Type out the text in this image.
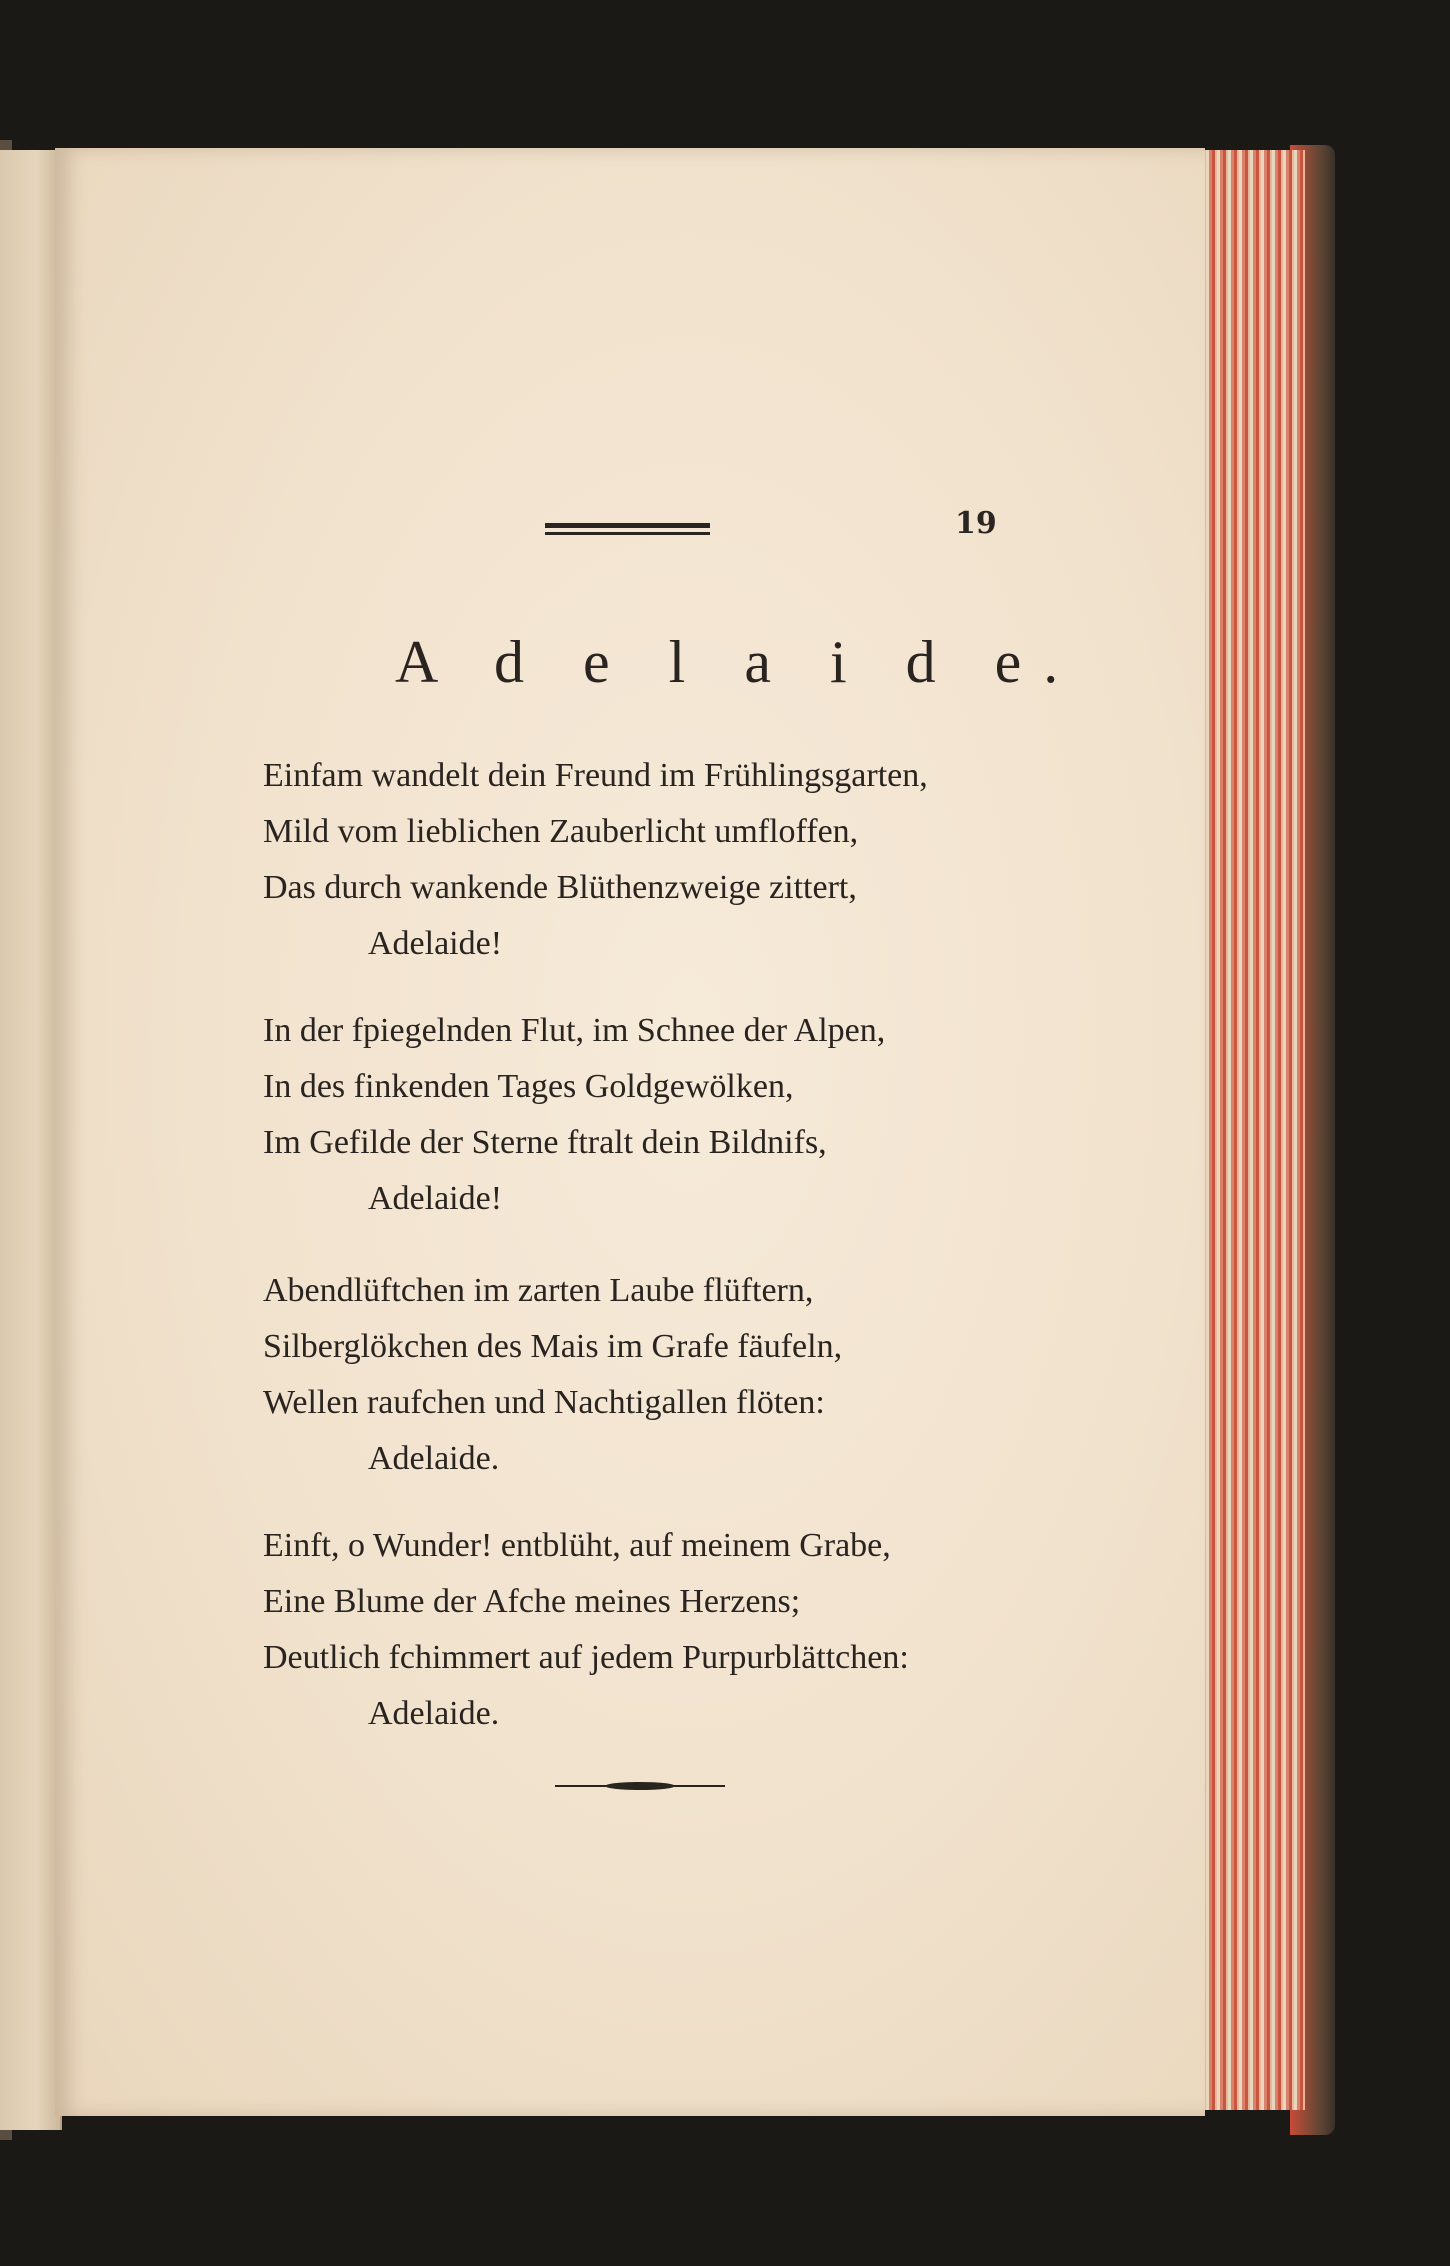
19
A d e l a i d e.
Einfam wandelt dein Freund im Frühlingsgarten,
Mild vom lieblichen Zauberlicht umfloffen,
Das durch wankende Blüthenzweige zittert,
Adelaide!
In der fpiegelnden Flut, im Schnee der Alpen,
In des finkenden Tages Goldgewölken,
Im Gefilde der Sterne ftralt dein Bildnifs,
Adelaide!
Abendlüftchen im zarten Laube flüftern,
Silberglökchen des Mais im Grafe fäufeln,
Wellen raufchen und Nachtigallen flöten:
Adelaide.
Einft, o Wunder! entblüht, auf meinem Grabe,
Eine Blume der Afche meines Herzens;
Deutlich fchimmert auf jedem Purpurblättchen:
Adelaide.
